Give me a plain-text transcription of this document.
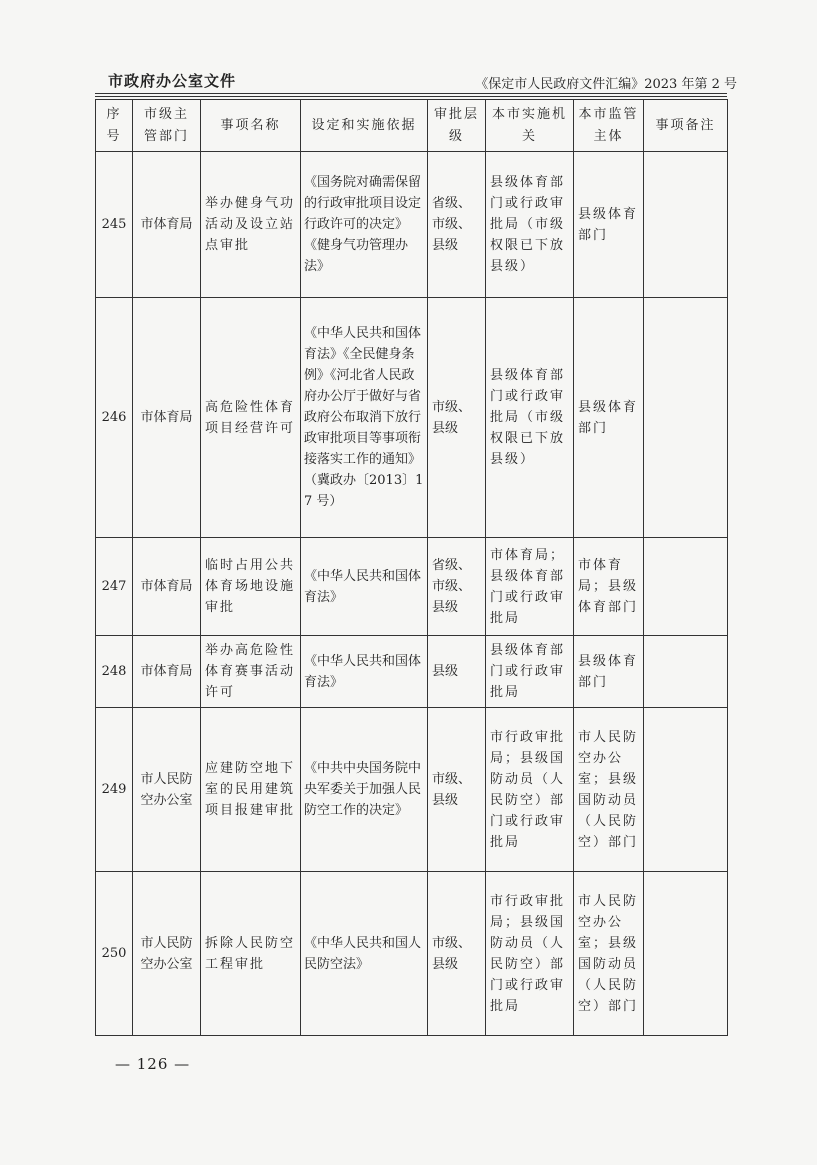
市政府办公室文件	《保定市人民政府文件汇编》2023 年第 2 号
序号	市级主管部门	事项名称	设定和实施依据	审批层级	本市实施机关	本市监管主体	事项备注
245	市体育局	举办健身气功活动及设立站点审批	《国务院对确需保留的行政审批项目设定行政许可的决定》《健身气功管理办法》	省级、市级、县级	县级体育部门或行政审批局（市级权限已下放县级）	县级体育部门	
246	市体育局	高危险性体育项目经营许可	《中华人民共和国体育法》《全民健身条例》《河北省人民政府办公厅于做好与省政府公布取消下放行政审批项目等事项衔接落实工作的通知》（冀政办〔2013〕17 号）	市级、县级	县级体育部门或行政审批局（市级权限已下放县级）	县级体育部门	
247	市体育局	临时占用公共体育场地设施审批	《中华人民共和国体育法》	省级、市级、县级	市体育局；县级体育部门或行政审批局	市体育局；县级体育部门	
248	市体育局	举办高危险性体育赛事活动许可	《中华人民共和国体育法》	县级	县级体育部门或行政审批局	县级体育部门	
249	市人民防空办公室	应建防空地下室的民用建筑项目报建审批	《中共中央国务院中央军委关于加强人民防空工作的决定》	市级、县级	市行政审批局；县级国防动员（人民防空）部门或行政审批局	市人民防空办公室；县级国防动员（人民防空）部门	
250	市人民防空办公室	拆除人民防空工程审批	《中华人民共和国人民防空法》	市级、县级	市行政审批局；县级国防动员（人民防空）部门或行政审批局	市人民防空办公室；县级国防动员（人民防空）部门	
— 126 —
